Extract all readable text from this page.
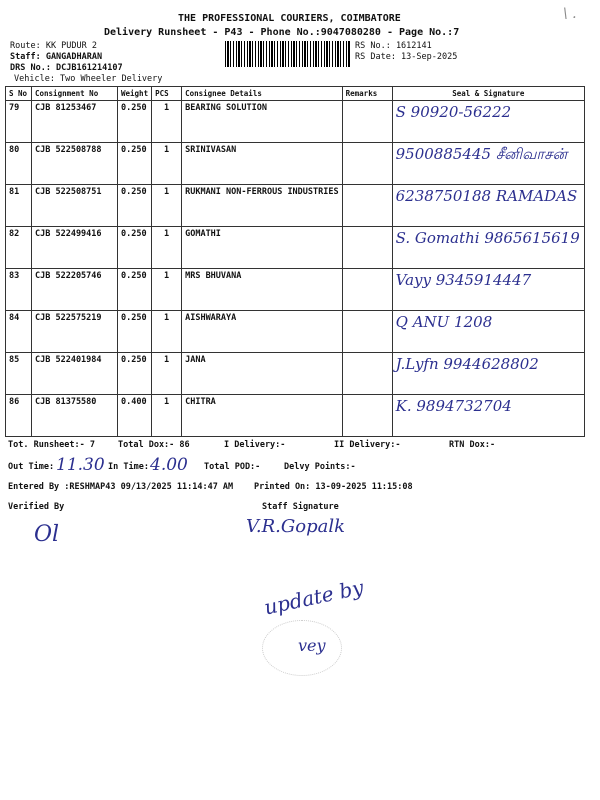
THE PROFESSIONAL COURIERS, COIMBATORE
Delivery Runsheet - P43 - Phone No.:9047080280 - Page No.:7
\ .
Route: KK PUDUR 2
Staff: GANGADHARAN
DRS No.: DCJB161214107
Vehicle: Two Wheeler Delivery
RS No.: 1612141
RS Date: 13-Sep-2025
S No	Consignment No	Weight	PCS	Consignee Details	Remarks	Seal & Signature
79	CJB 81253467	0.250	1	BEARING SOLUTION		S 90920-56222
80	CJB 522508788	0.250	1	SRINIVASAN		9500885445 சீனிவாசன்
81	CJB 522508751	0.250	1	RUKMANI NON-FERROUS INDUSTRIES		6238750188 RAMADAS
82	CJB 522499416	0.250	1	GOMATHI		S. Gomathi 9865615619
83	CJB 522205746	0.250	1	MRS BHUVANA		Vayy 9345914447
84	CJB 522575219	0.250	1	AISHWARAYA		Q ANU 1208
85	CJB 522401984	0.250	1	JANA		J.Lyfn 9944628802
86	CJB 81375580	0.400	1	CHITRA		K. 9894732704
Tot. Runsheet:- 7	Total Dox:- 86	I Delivery:-	II Delivery:-	RTN Dox:-
Out Time: 11.30 In Time: 4.00 Total POD:-	Delvy Points:-
Entered By :RESHMAP43 09/13/2025 11:14:47 AM Printed On: 13-09-2025 11:15:08
Verified By	Staff Signature
Ol	V.R.Gopalk
update by
vey
